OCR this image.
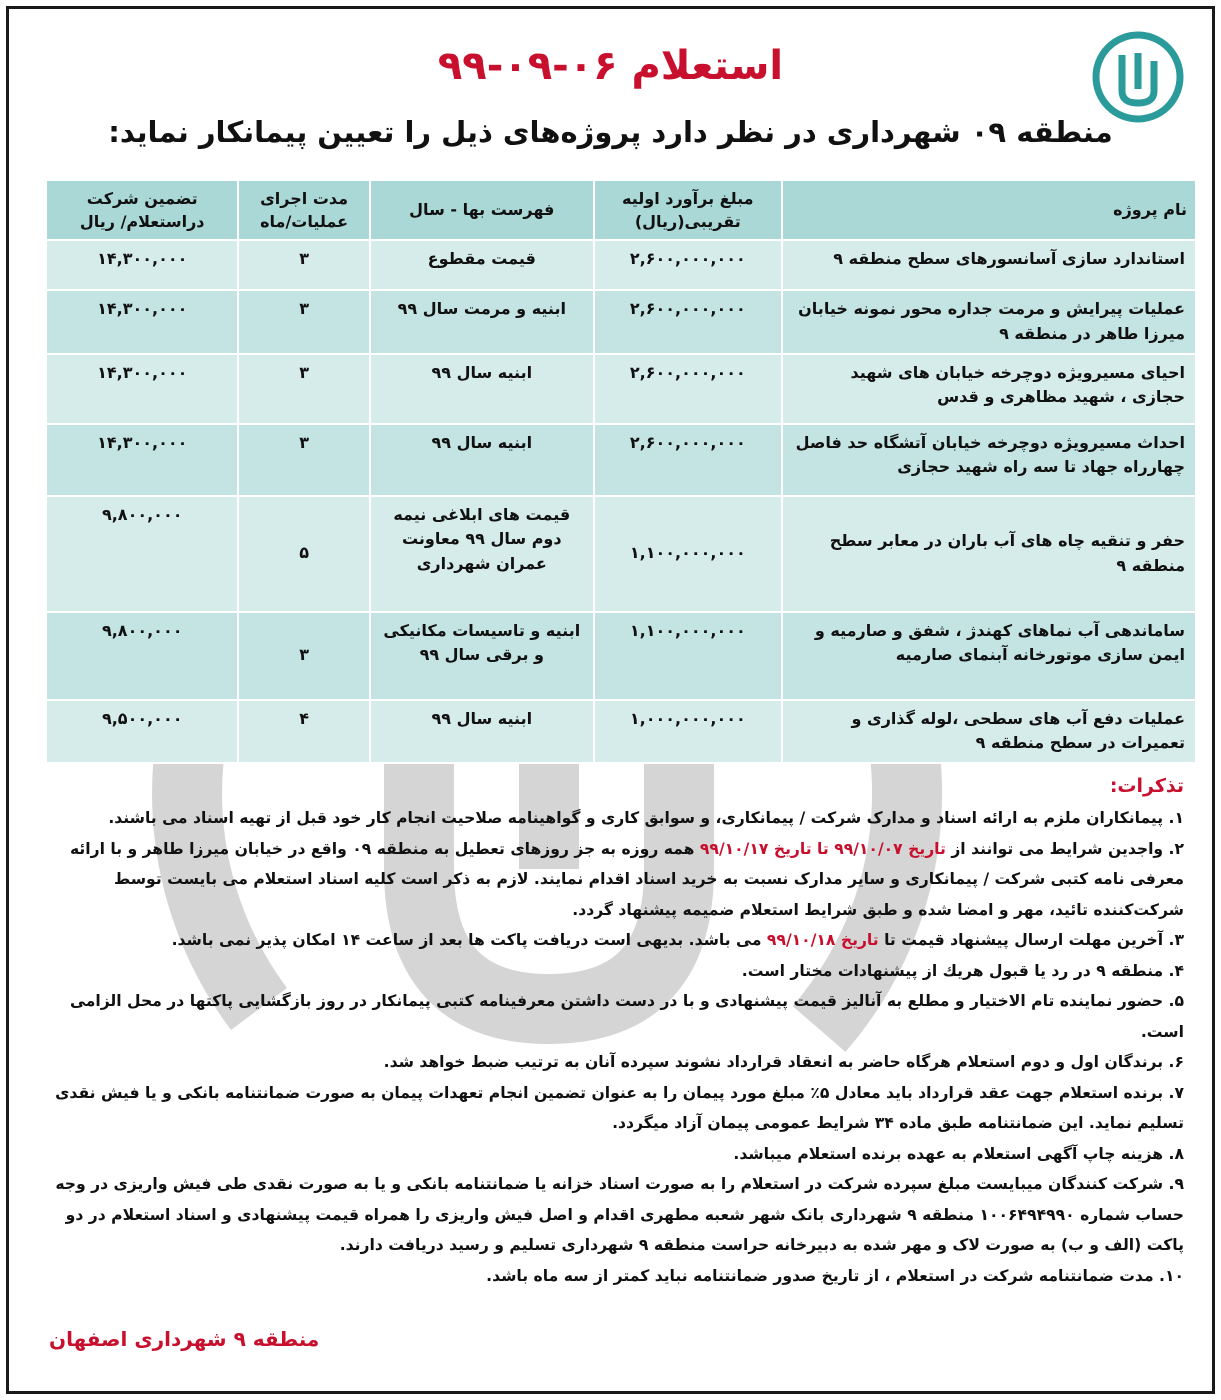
استعلام ۰۶-۰۹-۹۹
منطقه ۰۹ شهرداری در نظر دارد پروژه‌های ذیل را تعیین پیمانکار نماید:
نام پروژه	مبلغ برآورد اولیه تقریبی(ریال)	فهرست بها - سال	مدت اجرای عملیات/ماه	تضمین شرکت دراستعلام/ ریال
استاندارد سازی آسانسورهای سطح منطقه ۹	۲,۶۰۰,۰۰۰,۰۰۰	قیمت مقطوع	۳	۱۴,۳۰۰,۰۰۰
عملیات پیرایش و مرمت جداره محور نمونه خیابان میرزا طاهر در منطقه ۹	۲,۶۰۰,۰۰۰,۰۰۰	ابنیه و مرمت سال ۹۹	۳	۱۴,۳۰۰,۰۰۰
احیای مسیرویژه دوچرخه خیابان های شهید حجازی ، شهید مظاهری و قدس	۲,۶۰۰,۰۰۰,۰۰۰	ابنیه سال ۹۹	۳	۱۴,۳۰۰,۰۰۰
احداث مسیرویژه دوچرخه خیابان آتشگاه حد فاصل چهارراه جهاد تا سه راه شهید حجازی	۲,۶۰۰,۰۰۰,۰۰۰	ابنیه سال ۹۹	۳	۱۴,۳۰۰,۰۰۰
حفر و تنقیه چاه های آب باران در معابر سطح منطقه ۹	۱,۱۰۰,۰۰۰,۰۰۰	قیمت های ابلاغی نیمه دوم سال ۹۹ معاونت عمران شهرداری	۵	۹,۸۰۰,۰۰۰
ساماندهی آب نماهای کهندژ ، شفق و صارمیه و ایمن سازی موتورخانه آبنمای صارمیه	۱,۱۰۰,۰۰۰,۰۰۰	ابنیه و تاسیسات مکانیکی و برقی سال ۹۹	۳	۹,۸۰۰,۰۰۰
عملیات دفع آب های سطحی ،لوله گذاری و تعمیرات در سطح منطقه ۹	۱,۰۰۰,۰۰۰,۰۰۰	ابنیه سال ۹۹	۴	۹,۵۰۰,۰۰۰
تذکرات:

۱. پیمانکاران ملزم به ارائه اسناد و مدارک شرکت / پیمانکاری، و سوابق کاری و گواهینامه صلاحیت انجام کار خود قبل از تهیه اسناد می باشند.

۲. واجدین شرایط می توانند از تاریخ ۹۹/۱۰/۰۷ تا تاریخ ۹۹/۱۰/۱۷ همه روزه به جز روزهای تعطیل به منطقه ۰۹ واقع در خیابان میرزا طاهر و با ارائه معرفی نامه کتبی شرکت / پیمانکاری و سایر مدارک نسبت به خرید اسناد اقدام نمایند. لازم به ذکر است کلیه اسناد استعلام می بایست توسط شرکت‌کننده تائید، مهر و امضا شده و طبق شرایط استعلام ضمیمه پیشنهاد گردد.

۳. آخرین مهلت ارسال پیشنهاد قیمت تا تاریخ ۹۹/۱۰/۱۸ می باشد. بدیهی است دریافت پاکت ها بعد از ساعت ۱۴ امکان پذیر نمی باشد.

۴. منطقه ۹ در رد یا قبول هریك از پیشنهادات مختار است.

۵. حضور نماینده تام الاختیار و مطلع به آنالیز قیمت پیشنهادی و با در دست داشتن معرفینامه کتبی پیمانکار در روز بازگشایی پاکتها در محل الزامی است.

۶. برندگان اول و دوم استعلام هرگاه حاضر به انعقاد قرارداد نشوند سپرده آنان به ترتیب ضبط خواهد شد.

۷. برنده استعلام جهت عقد قرارداد باید معادل ۵٪ مبلغ مورد پیمان را به عنوان تضمین انجام تعهدات پیمان به صورت ضمانتنامه بانکی و یا فیش نقدی تسلیم نماید. این ضمانتنامه طبق ماده ۳۴ شرایط عمومی پیمان آزاد میگردد.

۸. هزینه چاپ آگهی استعلام به عهده برنده استعلام میباشد.

۹. شرکت کنندگان میبایست مبلغ سپرده شرکت در استعلام را به صورت اسناد خزانه یا ضمانتنامه بانکی و یا به صورت نقدی طی فیش واریزی در وجه حساب شماره ۱۰۰۶۴۹۴۹۹۰ منطقه ۹ شهرداری بانک شهر شعبه مطهری اقدام و اصل فیش واریزی را همراه قیمت پیشنهادی و اسناد استعلام در دو پاکت (الف و ب) به صورت لاک و مهر شده به دبیرخانه حراست منطقه ۹ شهرداری تسلیم و رسید دریافت دارند.

۱۰. مدت ضمانتنامه شرکت در استعلام ، از تاریخ صدور ضمانتنامه نباید کمتر از سه ماه باشد.

منطقه ۹ شهرداری اصفهان
